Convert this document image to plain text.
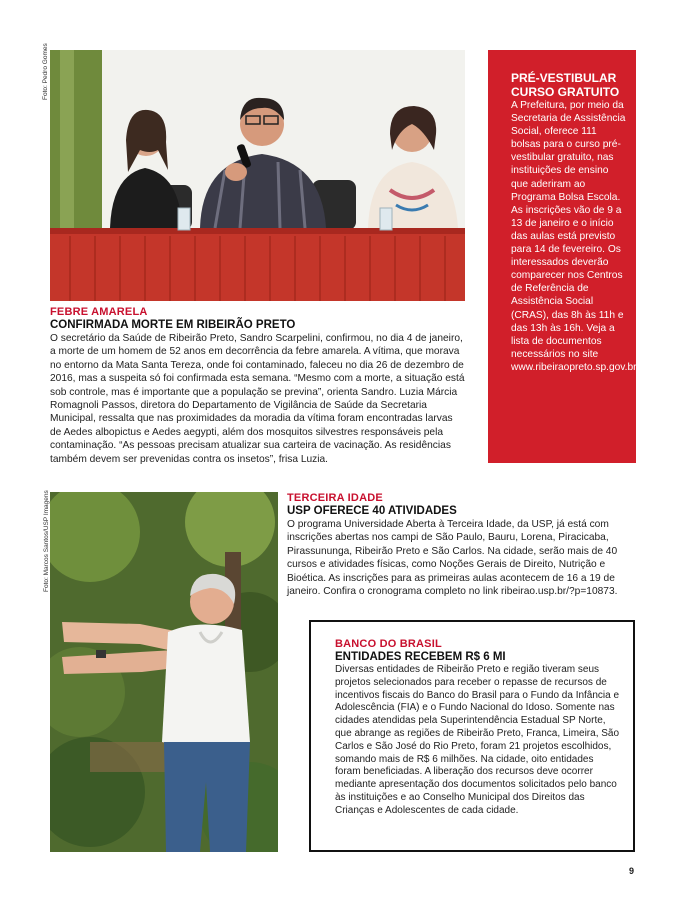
Foto: Pedro Gomes
FEBRE AMARELA
CONFIRMADA MORTE EM RIBEIRÃO PRETO

O secretário da Saúde de Ribeirão Preto, Sandro Scarpelini, confirmou, no dia 4 de janeiro, a morte de um homem de 52 anos em decorrência da febre amarela. A vítima, que morava no entorno da Mata Santa Tereza, onde foi contaminado, faleceu no dia 26 de dezembro de 2016, mas a suspeita só foi confirmada esta semana. “Mesmo com a morte, a situação está sob controle, mas é importante que a população se previna”, orienta Sandro. Luzia Márcia Romagnoli Passos, diretora do Departamento de Vigilância de Saúde da Secretaria Municipal, ressalta que nas proximidades da moradia da vítima foram encontradas larvas de Aedes albopictus e Aedes aegypti, além dos mosquitos silvestres responsáveis pela contaminação. “As pessoas precisam atualizar sua carteira de vacinação. As residências também devem ser prevenidas contra os insetos”, frisa Luzia.

PRÉ-VESTIBULAR CURSO GRATUITO

A Prefeitura, por meio da Secretaria de Assistência Social, oferece 111 bolsas para o curso pré-vestibular gratuito, nas instituições de ensino que aderiram ao Programa Bolsa Escola. As inscrições vão de 9 a 13 de janeiro e o início das aulas está previsto para 14 de fevereiro. Os interessados deverão comparecer nos Centros de Referência de Assistência Social (CRAS), das 8h às 11h e das 13h às 16h. Veja a lista de documentos necessários no site www.ribeiraopreto.sp.gov.br.

Foto: Marcos Santos/USP Imagens	TERCEIRA IDADE
USP OFERECE 40 ATIVIDADES

O programa Universidade Aberta à Terceira Idade, da USP, já está com inscrições abertas nos campi de São Paulo, Bauru, Lorena, Piracicaba, Pirassununga, Ribeirão Preto e São Carlos. Na cidade, serão mais de 40 cursos e atividades físicas, como Noções Gerais de Direito, Nutrição e Bioética. As inscrições para as primeiras aulas acontecem de 16 a 19 de janeiro. Confira o cronograma completo no link ribeirao.usp.br/?p=10873.

BANCO DO BRASIL
ENTIDADES RECEBEM R$ 6 MI

Diversas entidades de Ribeirão Preto e região tiveram seus projetos selecionados para receber o repasse de recursos de incentivos fiscais do Banco do Brasil para o Fundo da Infância e Adolescência (FIA) e o Fundo Nacional do Idoso. Somente nas cidades atendidas pela Superintendência Estadual SP Norte, que abrange as regiões de Ribeirão Preto, Franca, Limeira, São Carlos e São José do Rio Preto, foram 21 projetos escolhidos, somando mais de R$ 6 milhões. Na cidade, oito entidades foram beneficiadas. A liberação dos recursos deve ocorrer mediante apresentação dos documentos solicitados pelo banco às instituições e ao Conselho Municipal dos Direitos das Crianças e Adolescentes de cada cidade.

9
